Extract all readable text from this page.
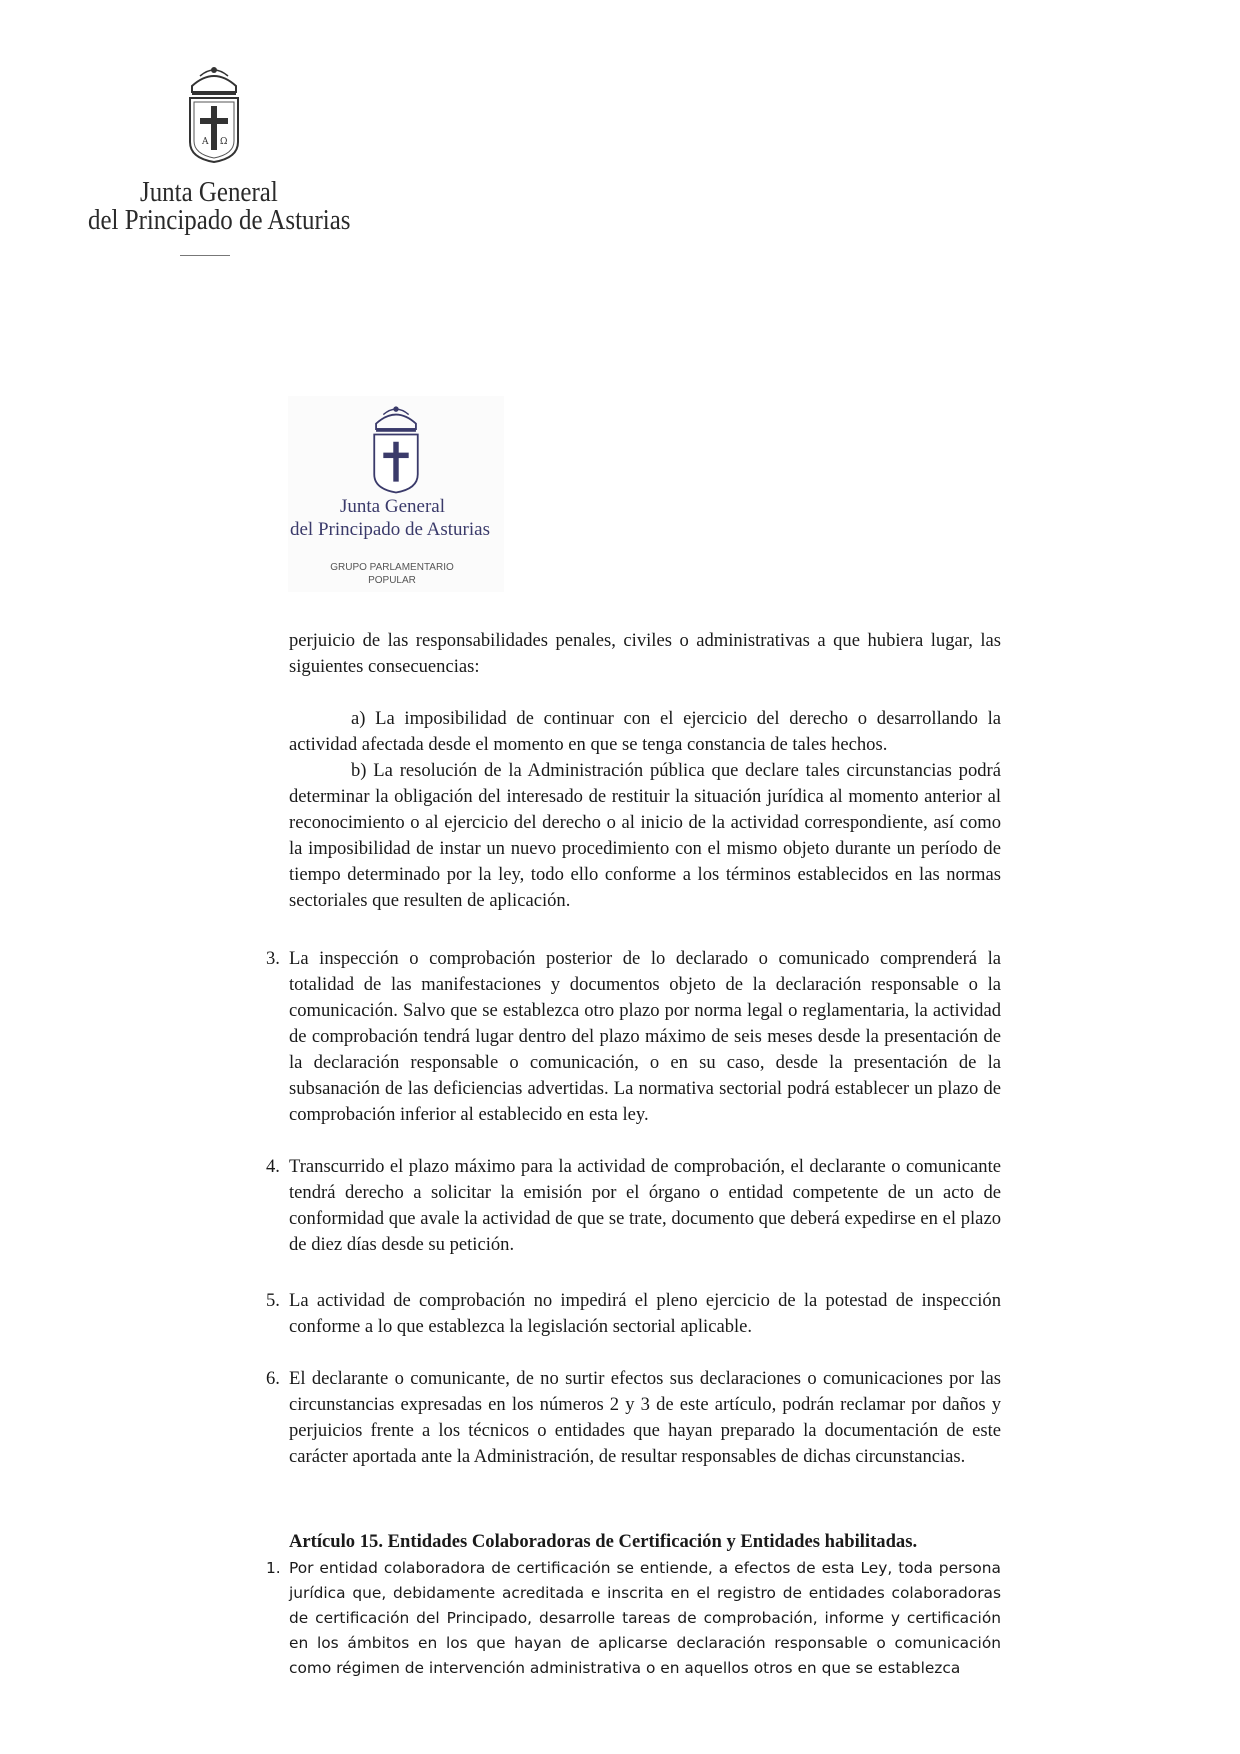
A Ω
Junta General
del Principado de Asturias
Junta General
del Principado de Asturias
GRUPO PARLAMENTARIO
POPULAR
perjuicio de las responsabilidades penales, civiles o administrativas a que hubiera lugar, las siguientes consecuencias:
a) La imposibilidad de continuar con el ejercicio del derecho o desarrollando la actividad afectada desde el momento en que se tenga constancia de tales hechos.
b) La resolución de la Administración pública que declare tales circunstancias podrá determinar la obligación del interesado de restituir la situación jurídica al momento anterior al reconocimiento o al ejercicio del derecho o al inicio de la actividad correspondiente, así como la imposibilidad de instar un nuevo procedimiento con el mismo objeto durante un período de tiempo determinado por la ley, todo ello conforme a los términos establecidos en las normas sectoriales que resulten de aplicación.
3. La inspección o comprobación posterior de lo declarado o comunicado comprenderá la totalidad de las manifestaciones y documentos objeto de la declaración responsable o la comunicación. Salvo que se establezca otro plazo por norma legal o reglamentaria, la actividad de comprobación tendrá lugar dentro del plazo máximo de seis meses desde la presentación de la declaración responsable o comunicación, o en su caso, desde la presentación de la subsanación de las deficiencias advertidas. La normativa sectorial podrá establecer un plazo de comprobación inferior al establecido en esta ley.
4. Transcurrido el plazo máximo para la actividad de comprobación, el declarante o comunicante tendrá derecho a solicitar la emisión por el órgano o entidad competente de un acto de conformidad que avale la actividad de que se trate, documento que deberá expedirse en el plazo de diez días desde su petición.
5. La actividad de comprobación no impedirá el pleno ejercicio de la potestad de inspección conforme a lo que establezca la legislación sectorial aplicable.
6. El declarante o comunicante, de no surtir efectos sus declaraciones o comunicaciones por las circunstancias expresadas en los números 2 y 3 de este artículo, podrán reclamar por daños y perjuicios frente a los técnicos o entidades que hayan preparado la documentación de este carácter aportada ante la Administración, de resultar responsables de dichas circunstancias.
Artículo 15. Entidades Colaboradoras de Certificación y Entidades habilitadas.
1. Por entidad colaboradora de certificación se entiende, a efectos de esta Ley, toda persona jurídica que, debidamente acreditada e inscrita en el registro de entidades colaboradoras de certificación del Principado, desarrolle tareas de comprobación, informe y certificación en los ámbitos en los que hayan de aplicarse declaración responsable o comunicación como régimen de intervención administrativa o en aquellos otros en que se establezca
